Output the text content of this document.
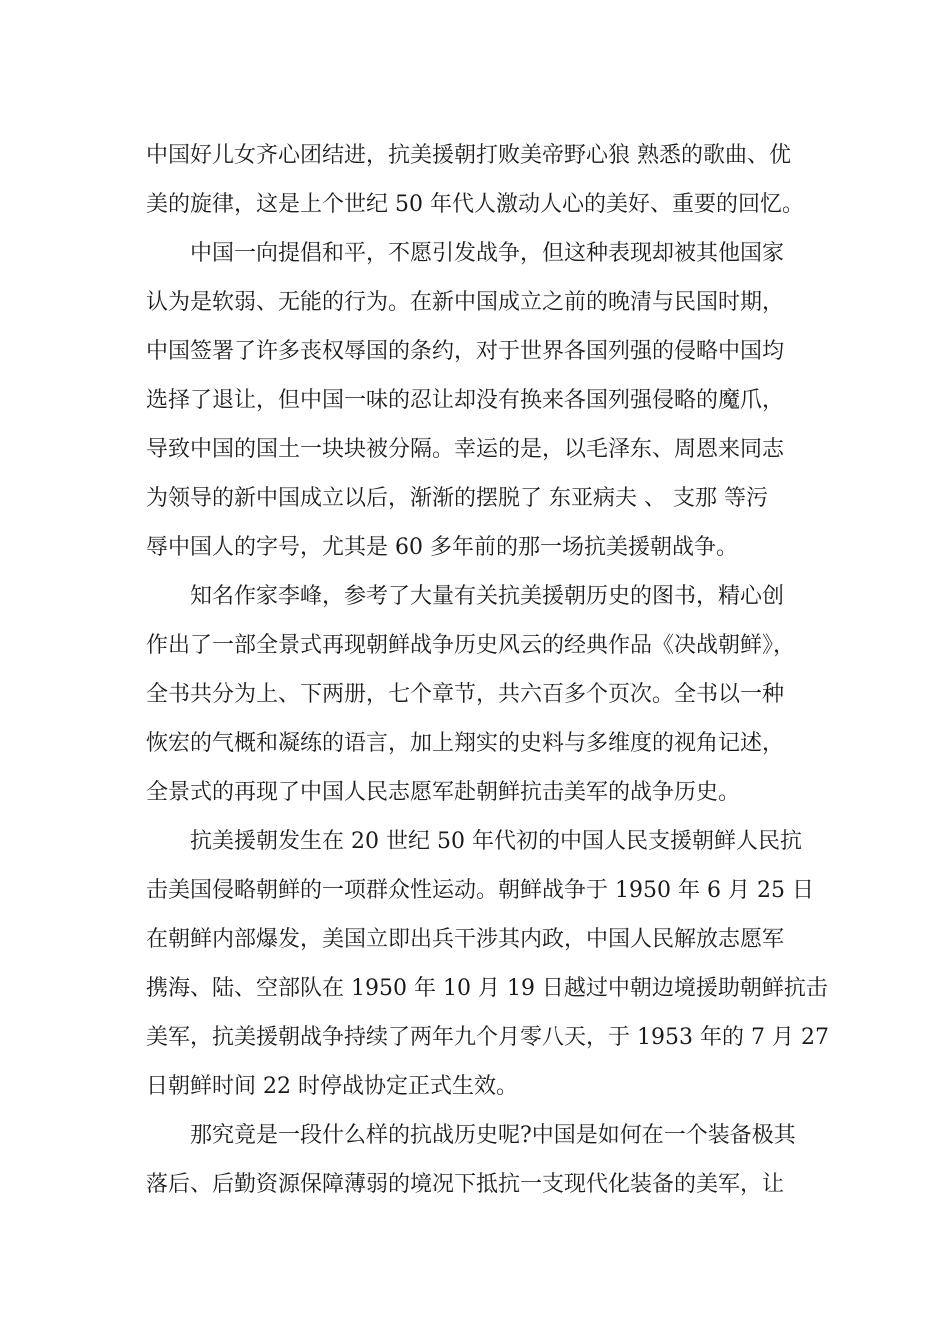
中国好儿女齐心团结进，抗美援朝打败美帝野心狼 熟悉的歌曲、优
美的旋律，这是上个世纪 50 年代人激动人心的美好、重要的回忆。
中国一向提倡和平，不愿引发战争，但这种表现却被其他国家
认为是软弱、无能的行为。在新中国成立之前的晚清与民国时期，
中国签署了许多丧权辱国的条约，对于世界各国列强的侵略中国均
选择了退让，但中国一味的忍让却没有换来各国列强侵略的魔爪，
导致中国的国土一块块被分隔。幸运的是，以毛泽东、周恩来同志
为领导的新中国成立以后，渐渐的摆脱了 东亚病夫 、 支那 等污
辱中国人的字号，尤其是 60 多年前的那一场抗美援朝战争。
知名作家李峰，参考了大量有关抗美援朝历史的图书，精心创
作出了一部全景式再现朝鲜战争历史风云的经典作品《决战朝鲜》，
全书共分为上、下两册，七个章节，共六百多个页次。全书以一种
恢宏的气概和凝练的语言，加上翔实的史料与多维度的视角记述，
全景式的再现了中国人民志愿军赴朝鲜抗击美军的战争历史。
抗美援朝发生在 20 世纪 50 年代初的中国人民支援朝鲜人民抗
击美国侵略朝鲜的一项群众性运动。朝鲜战争于 1950 年 6 月 25 日
在朝鲜内部爆发，美国立即出兵干涉其内政，中国人民解放志愿军
携海、陆、空部队在 1950 年 10 月 19 日越过中朝边境援助朝鲜抗击
美军，抗美援朝战争持续了两年九个月零八天，于 1953 年的 7 月 27
日朝鲜时间 22 时停战协定正式生效。
那究竟是一段什么样的抗战历史呢?中国是如何在一个装备极其
落后、后勤资源保障薄弱的境况下抵抗一支现代化装备的美军，让
